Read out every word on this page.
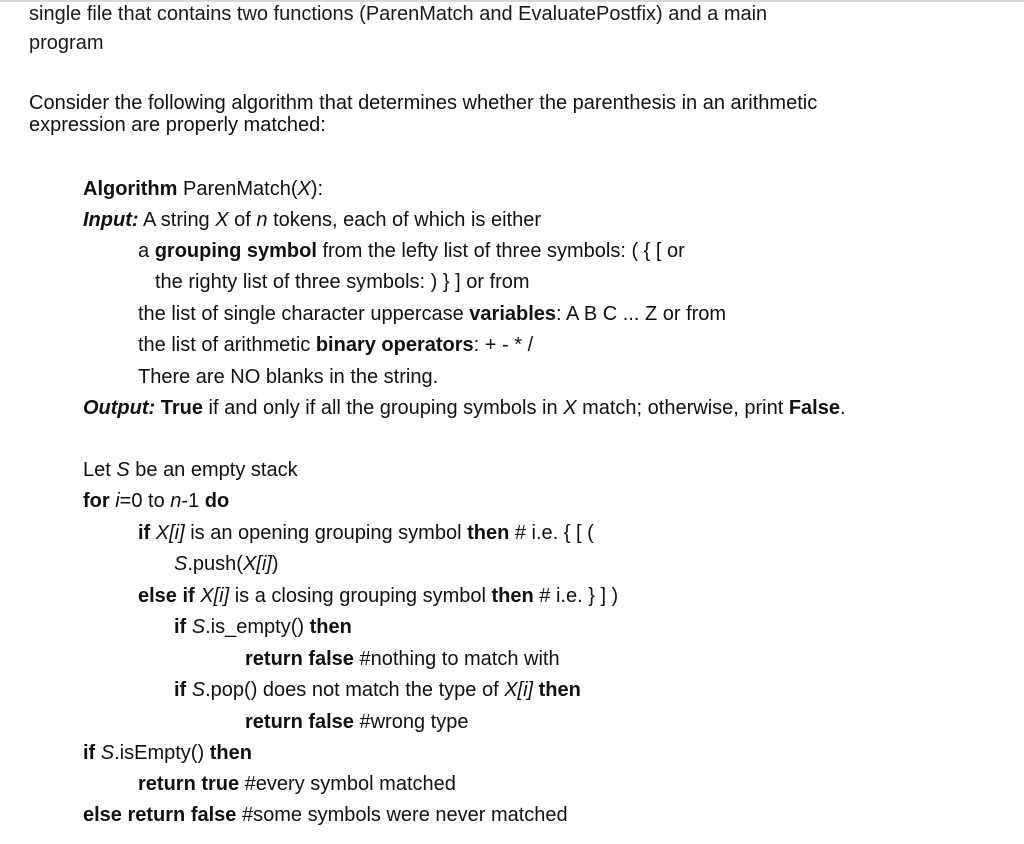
single file that contains two functions (ParenMatch and EvaluatePostfix) and a main
program
Consider the following algorithm that determines whether the parenthesis in an arithmetic
expression are properly matched:
Algorithm ParenMatch(X):
Input: A string X of n tokens, each of which is either
a grouping symbol from the lefty list of three symbols: ( { [ or
the righty list of three symbols: ) } ] or from
the list of single character uppercase variables: A B C ... Z or from
the list of arithmetic binary operators: + - * /
There are NO blanks in the string.
Output: True if and only if all the grouping symbols in X match; otherwise, print False.
Let S be an empty stack
for i=0 to n-1 do
if X[i] is an opening grouping symbol then # i.e. { [ (
S.push(X[i])
else if X[i] is a closing grouping symbol then # i.e. } ] )
if S.is_empty() then
return false #nothing to match with
if S.pop() does not match the type of X[i] then
return false #wrong type
if S.isEmpty() then
return true #every symbol matched
else return false #some symbols were never matched
